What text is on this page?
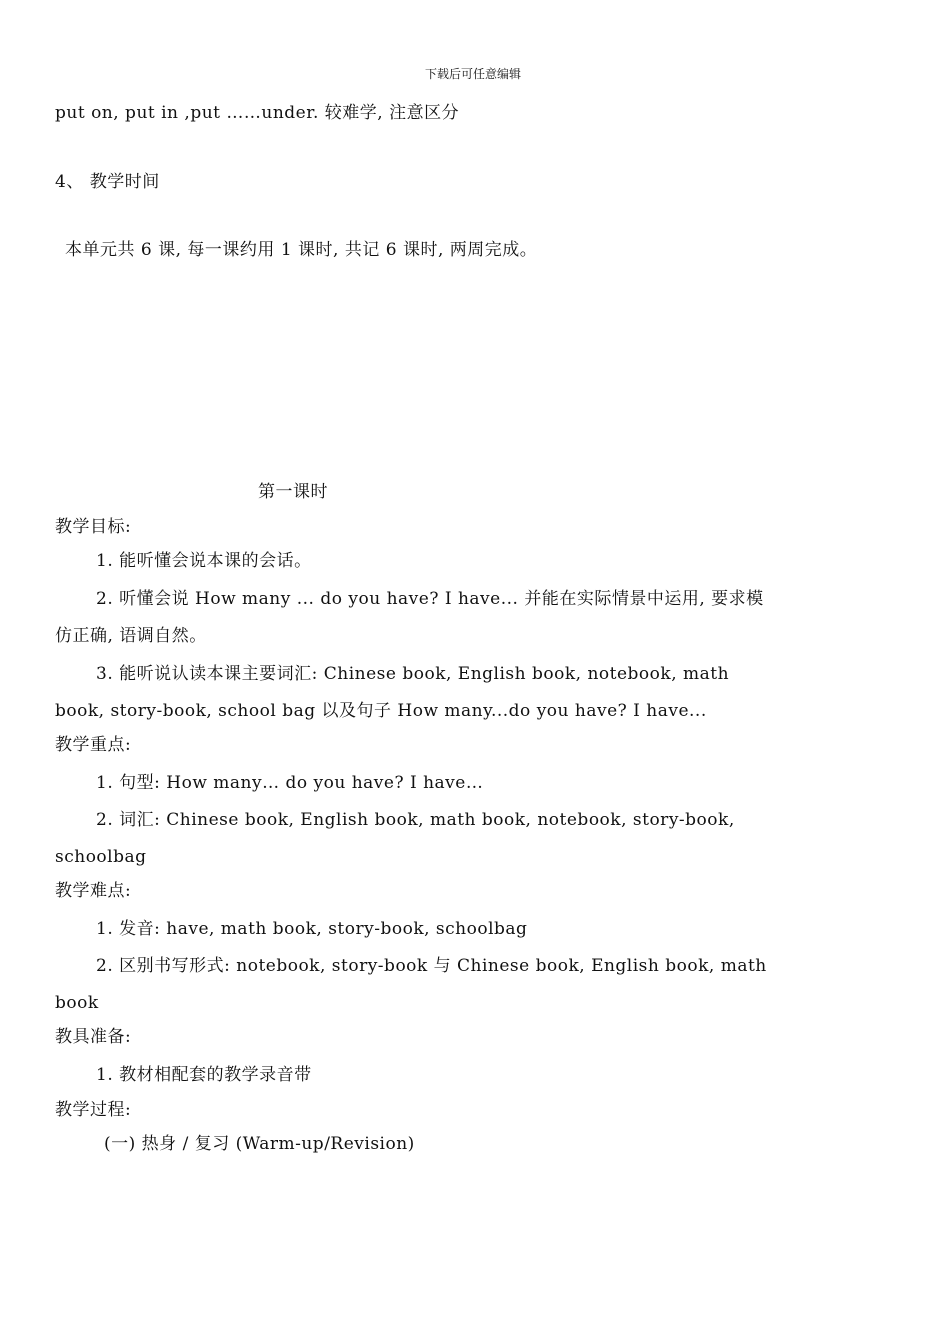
下载后可任意编辑
put on, put in ,put ……under. 较难学, 注意区分
4、 教学时间
本单元共 6 课, 每一课约用 1 课时, 共记 6 课时, 两周完成。
第一课时
教学目标:
1. 能听懂会说本课的会话。
2. 听懂会说 How many ... do you have? I have... 并能在实际情景中运用, 要求模
仿正确, 语调自然。
3. 能听说认读本课主要词汇: Chinese book, English book, notebook, math
book, story-book, school bag 以及句子 How many...do you have? I have...
教学重点:
1. 句型: How many… do you have? I have…
2. 词汇: Chinese book, English book, math book, notebook, story-book,
schoolbag
教学难点:
1. 发音: have, math book, story-book, schoolbag
2. 区别书写形式: notebook, story-book 与 Chinese book, English book, math
book
教具准备:
1. 教材相配套的教学录音带
教学过程:
(一) 热身 / 复习 (Warm-up/Revision)
